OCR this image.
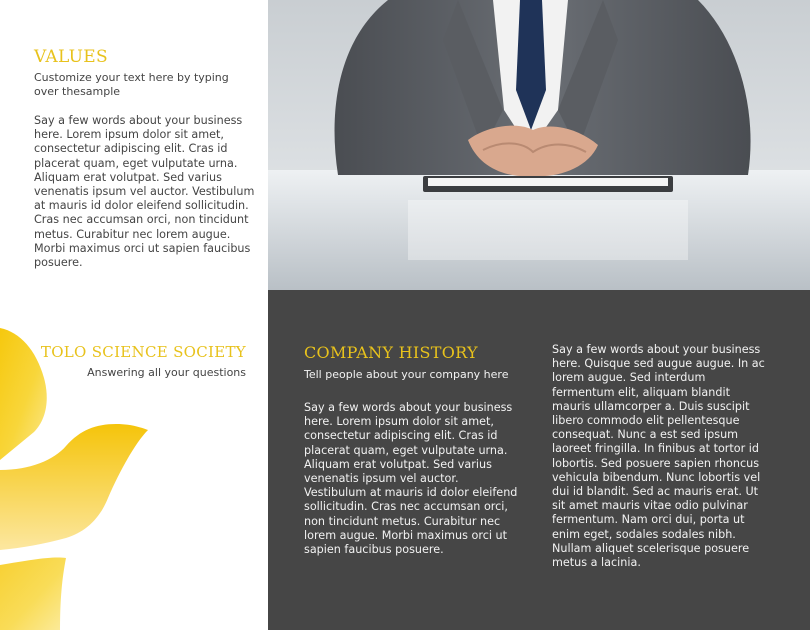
VALUES
Customize your text here by typing over thesample
Say a few words about your business here. Lorem ipsum dolor sit amet, consectetur adipiscing elit. Cras id placerat quam, eget vulputate urna. Aliquam erat volutpat. Sed varius venenatis ipsum vel auctor. Vestibulum at mauris id dolor eleifend sollicitudin. Cras nec accumsan orci, non tincidunt metus. Curabitur nec lorem augue. Morbi maximus orci ut sapien faucibus posuere.
TOLO SCIENCE SOCIETY
Answering all your questions
COMPANY HISTORY
Tell people about your company here
Say a few words about your business here. Lorem ipsum dolor sit amet, consectetur adipiscing elit. Cras id placerat quam, eget vulputate urna. Aliquam erat volutpat. Sed varius venenatis ipsum vel auctor. Vestibulum at mauris id dolor eleifend sollicitudin. Cras nec accumsan orci, non tincidunt metus. Curabitur nec lorem augue. Morbi maximus orci ut sapien faucibus posuere.
Say a few words about your business here. Quisque sed augue augue. In ac lorem augue. Sed interdum fermentum elit, aliquam blandit mauris ullamcorper a. Duis suscipit libero commodo elit pellentesque consequat. Nunc a est sed ipsum laoreet fringilla. In finibus at tortor id lobortis. Sed posuere sapien rhoncus vehicula bibendum. Nunc lobortis vel dui id blandit. Sed ac mauris erat. Ut sit amet mauris vitae odio pulvinar fermentum. Nam orci dui, porta ut enim eget, sodales sodales nibh. Nullam aliquet scelerisque posuere metus a lacinia.
